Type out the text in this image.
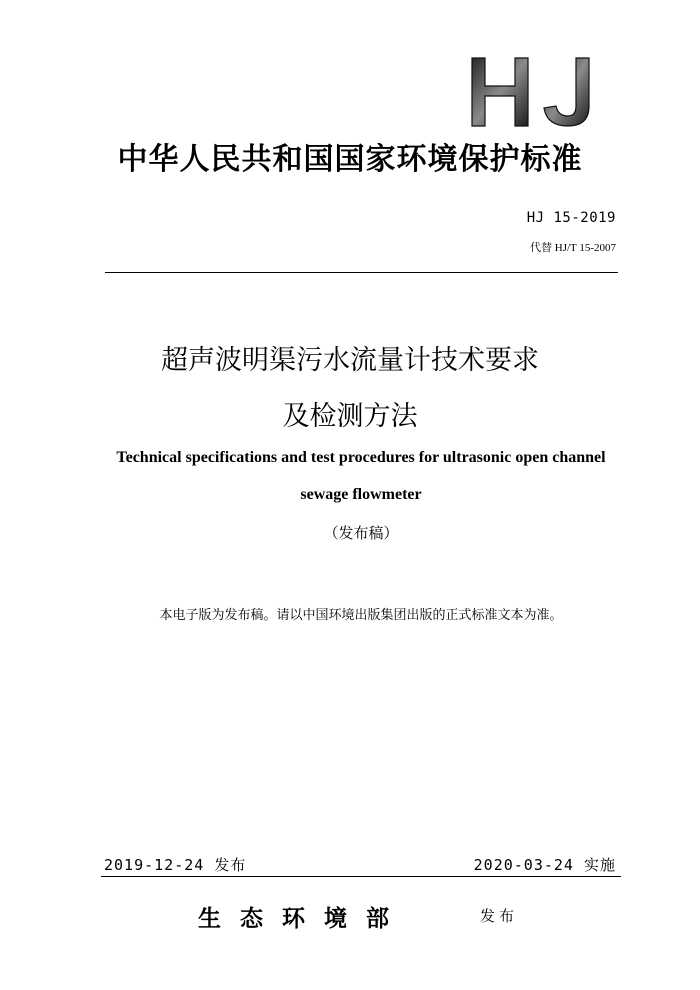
中华人民共和国国家环境保护标准
HJ 15-2019
代替 HJ/T 15-2007
超声波明渠污水流量计技术要求
及检测方法
Technical specifications and test procedures for ultrasonic open channel
sewage flowmeter
（发布稿）
本电子版为发布稿。请以中国环境出版集团出版的正式标准文本为准。
2019-12-24 发布	2020-03-24 实施
生态环境部	发布
